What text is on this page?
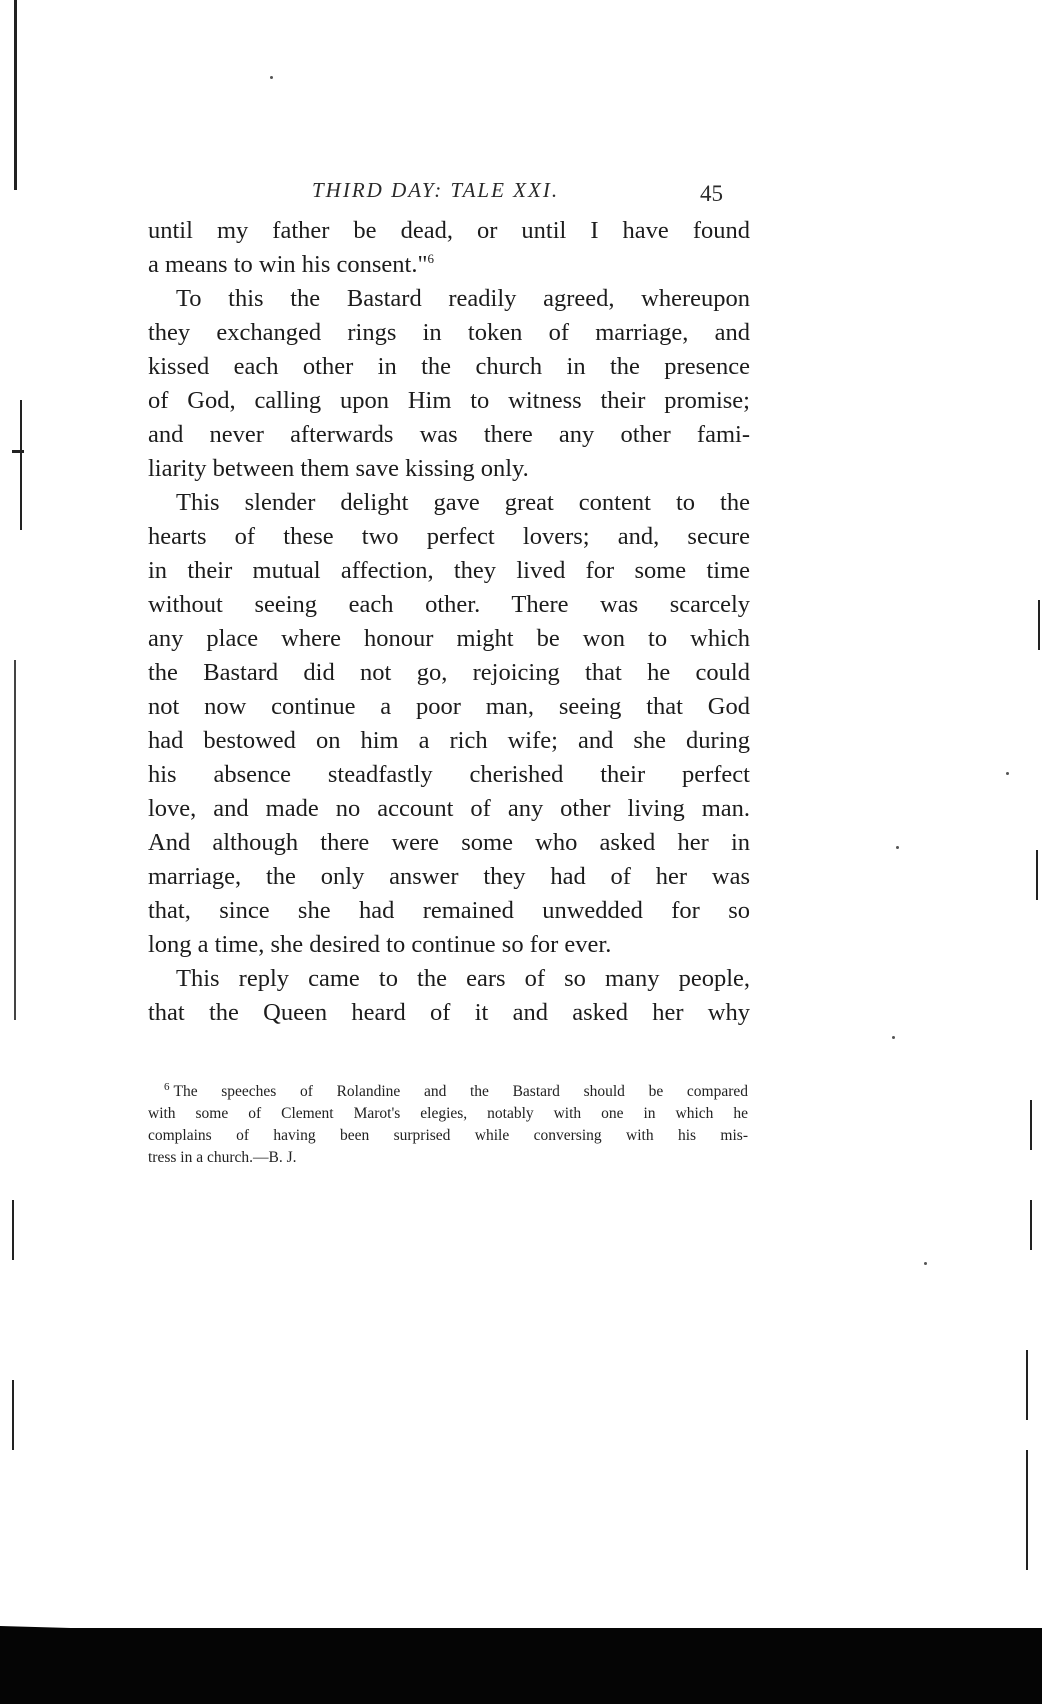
THIRD DAY: TALE XXI.	45
until my father be dead, or until I have found
a means to win his consent."$^6$
To this the Bastard readily agreed, whereupon
they exchanged rings in token of marriage, and
kissed each other in the church in the presence
of God, calling upon Him to witness their promise;
and never afterwards was there any other fami-
liarity between them save kissing only.
This slender delight gave great content to the
hearts of these two perfect lovers; and, secure
in their mutual affection, they lived for some time
without seeing each other. There was scarcely
any place where honour might be won to which
the Bastard did not go, rejoicing that he could
not now continue a poor man, seeing that God
had bestowed on him a rich wife; and she during
his absence steadfastly cherished their perfect
love, and made no account of any other living man.
And although there were some who asked her in
marriage, the only answer they had of her was
that, since she had remained unwedded for so
long a time, she desired to continue so for ever.
This reply came to the ears of so many people,
that the Queen heard of it and asked her why
$^6$ The speeches of Rolandine and the Bastard should be compared
with some of Clement Marot's elegies, notably with one in which he
complains of having been surprised while conversing with his mis-
tress in a church.—B. J.
